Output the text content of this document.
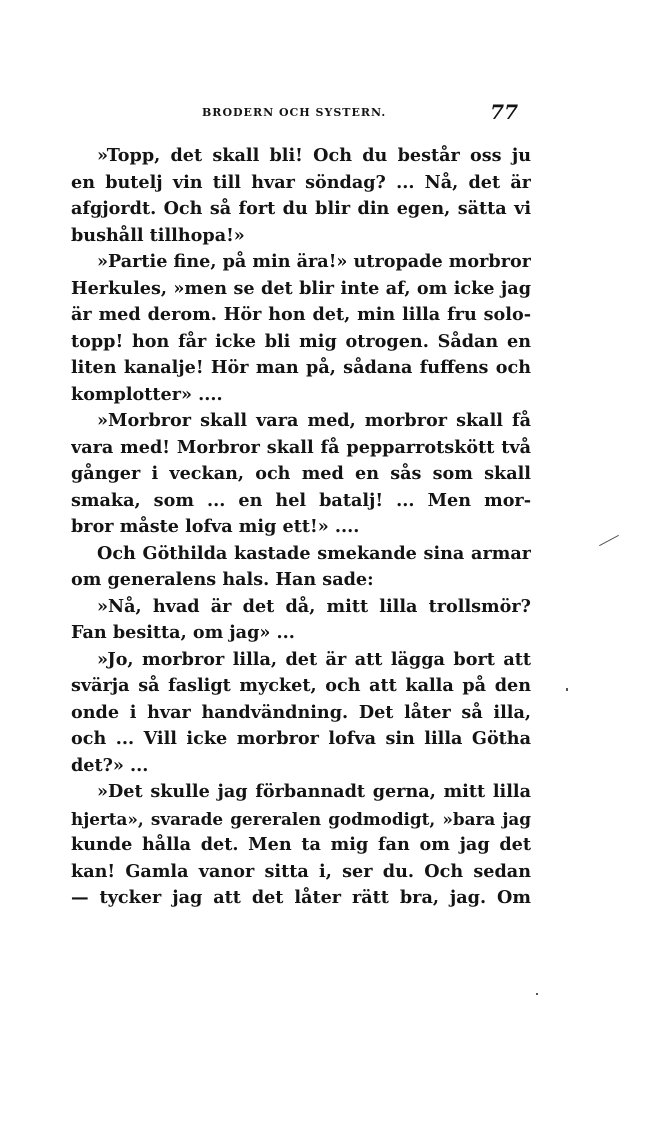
BRODERN OCH SYSTERN.	77
»Topp, det skall bli! Och du består oss ju
en butelj vin till hvar söndag? ... Nå, det är
afgjordt. Och så fort du blir din egen, sätta vi
bushåll tillhopa!»
»Partie fine, på min ära!» utropade morbror
Herkules, »men se det blir inte af, om icke jag
är med derom. Hör hon det, min lilla fru solo-
topp! hon får icke bli mig otrogen. Sådan en
liten kanalje! Hör man på, sådana fuffens och
komplotter» ....
»Morbror skall vara med, morbror skall få
vara med! Morbror skall få pepparrotskött två
gånger i veckan, och med en sås som skall
smaka, som ... en hel batalj! ... Men mor-
bror måste lofva mig ett!» ....
Och Göthilda kastade smekande sina armar
om generalens hals. Han sade:
»Nå, hvad är det då, mitt lilla trollsmör?
Fan besitta, om jag» ...
»Jo, morbror lilla, det är att lägga bort att
svärja så fasligt mycket, och att kalla på den
onde i hvar handvändning. Det låter så illa,
och ... Vill icke morbror lofva sin lilla Götha
det?» ...
»Det skulle jag förbannadt gerna, mitt lilla
hjerta», svarade gereralen godmodigt, »bara jag
kunde hålla det. Men ta mig fan om jag det
kan! Gamla vanor sitta i, ser du. Och sedan
— tycker jag att det låter rätt bra, jag. Om
